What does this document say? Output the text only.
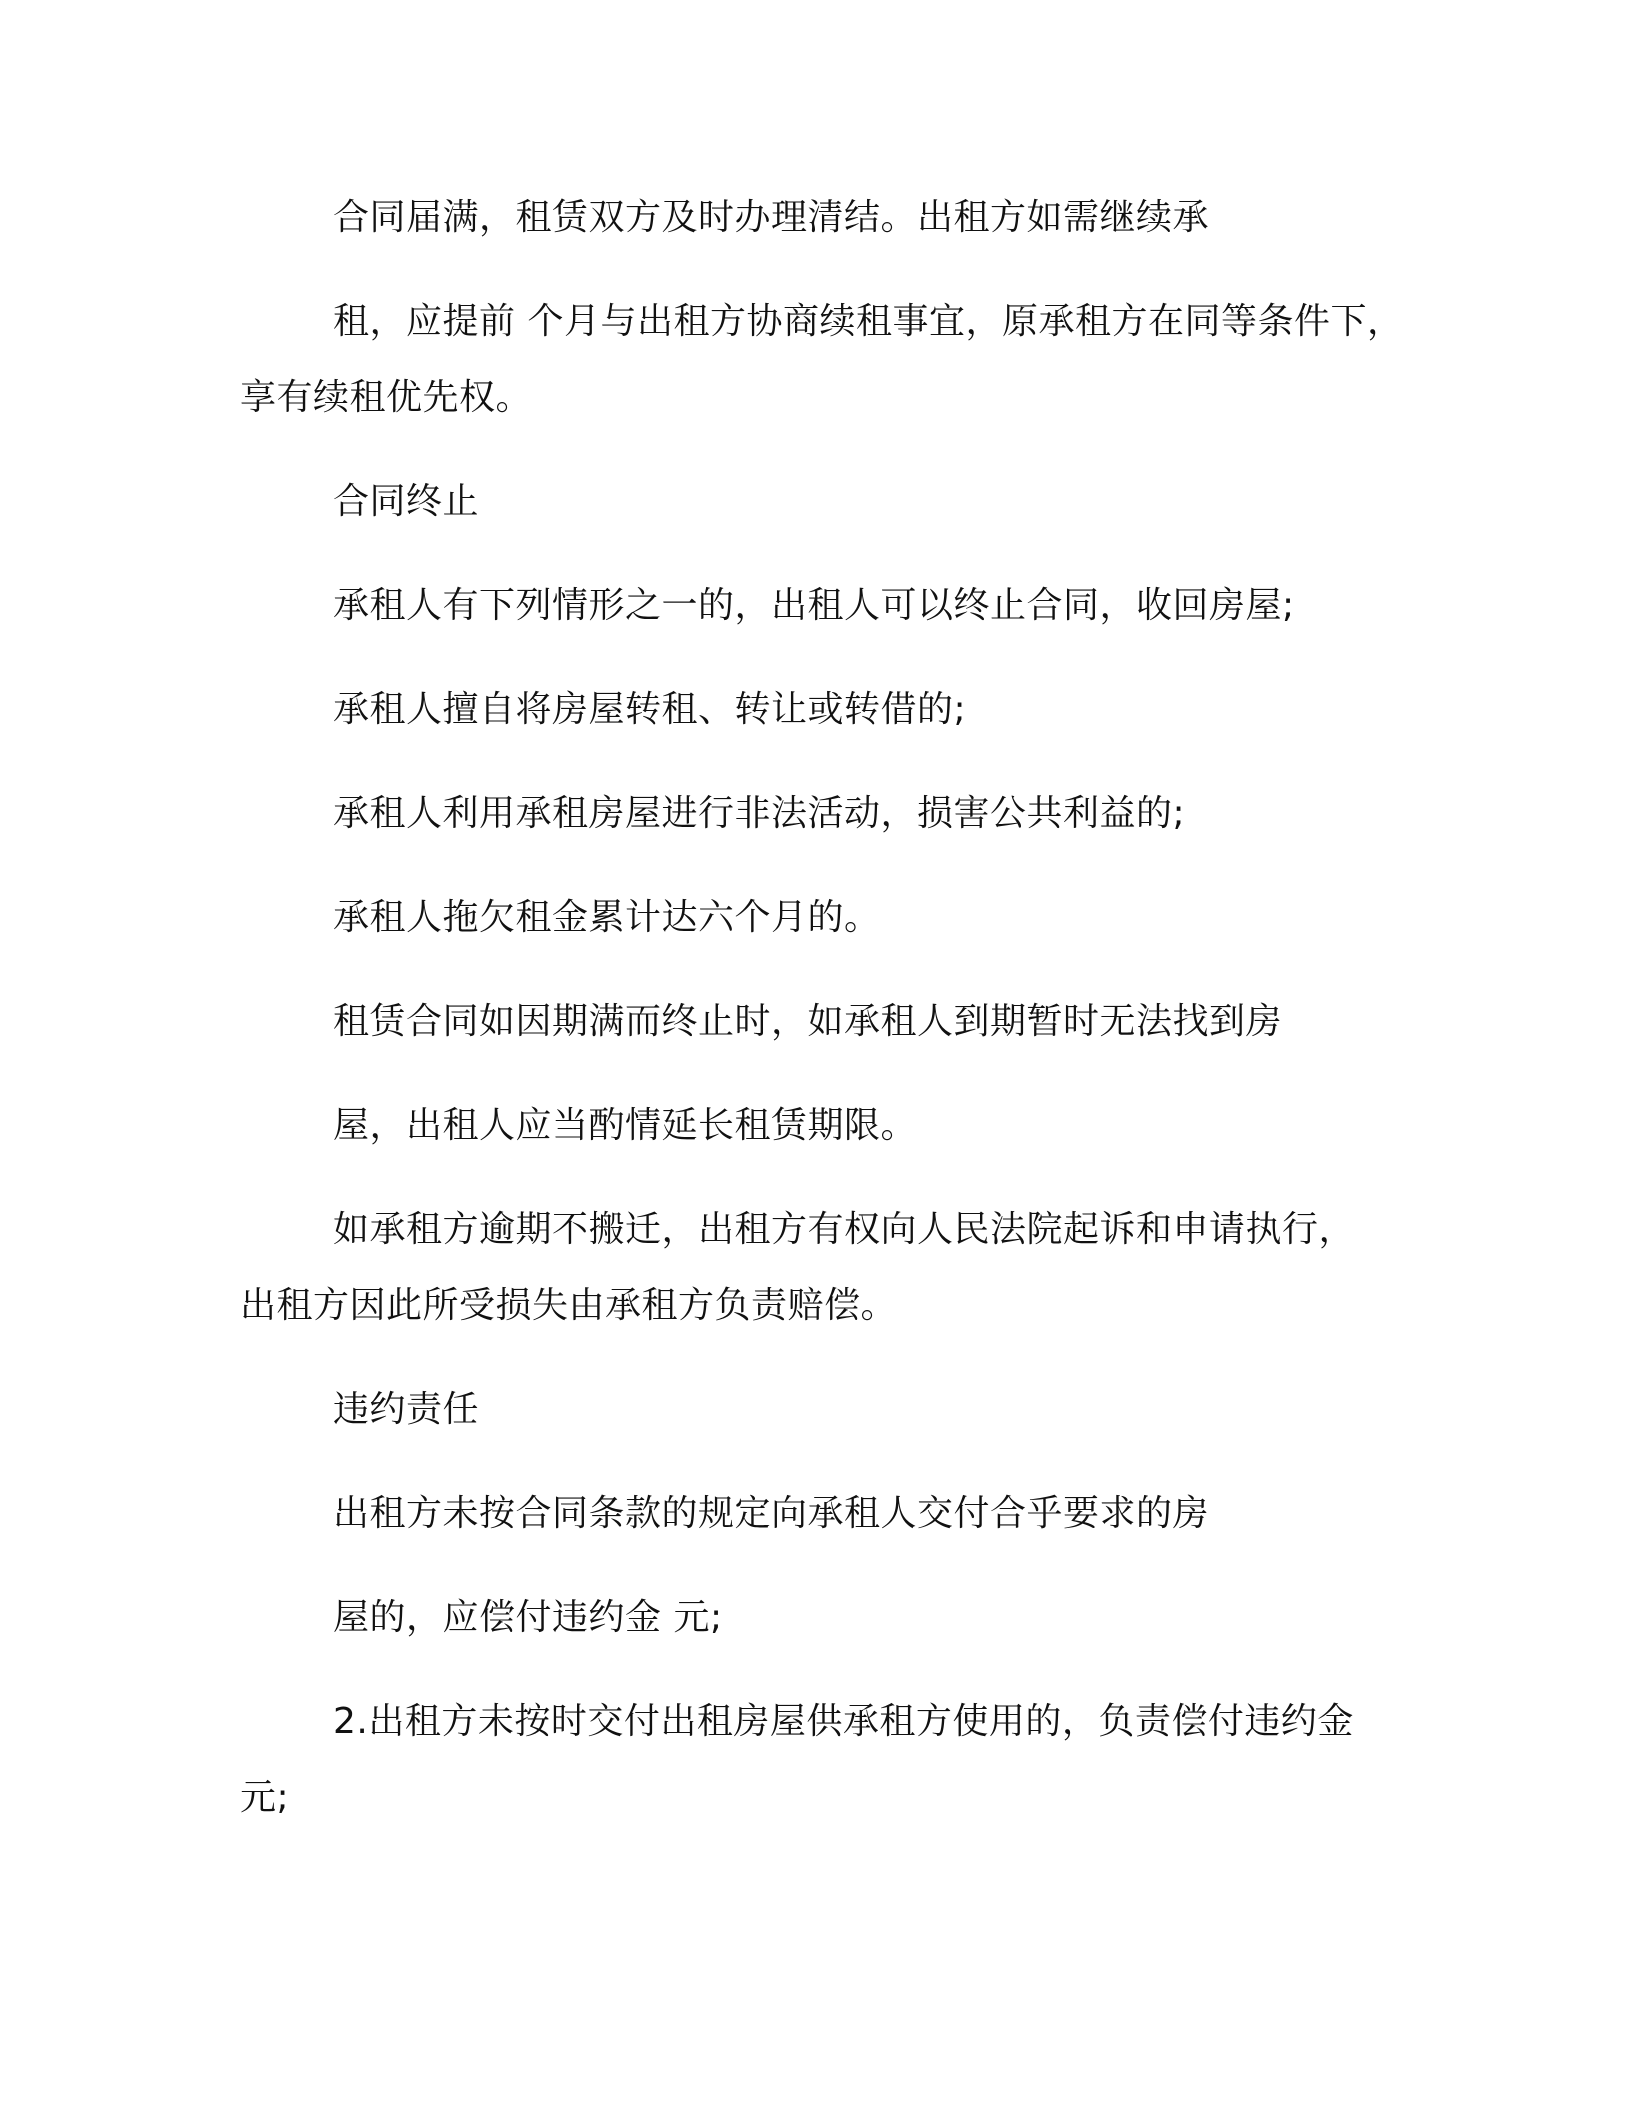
合同届满，租赁双方及时办理清结。出租方如需继续承
租，应提前 个月与出租方协商续租事宜，原承租方在同等条件下，
享有续租优先权。
合同终止
承租人有下列情形之一的，出租人可以终止合同，收回房屋;
承租人擅自将房屋转租、转让或转借的;
承租人利用承租房屋进行非法活动，损害公共利益的;
承租人拖欠租金累计达六个月的。
租赁合同如因期满而终止时，如承租人到期暂时无法找到房
屋，出租人应当酌情延长租赁期限。
如承租方逾期不搬迁，出租方有权向人民法院起诉和申请执行，
出租方因此所受损失由承租方负责赔偿。
违约责任
出租方未按合同条款的规定向承租人交付合乎要求的房
屋的，应偿付违约金 元;
2.出租方未按时交付出租房屋供承租方使用的，负责偿付违约金
元;
